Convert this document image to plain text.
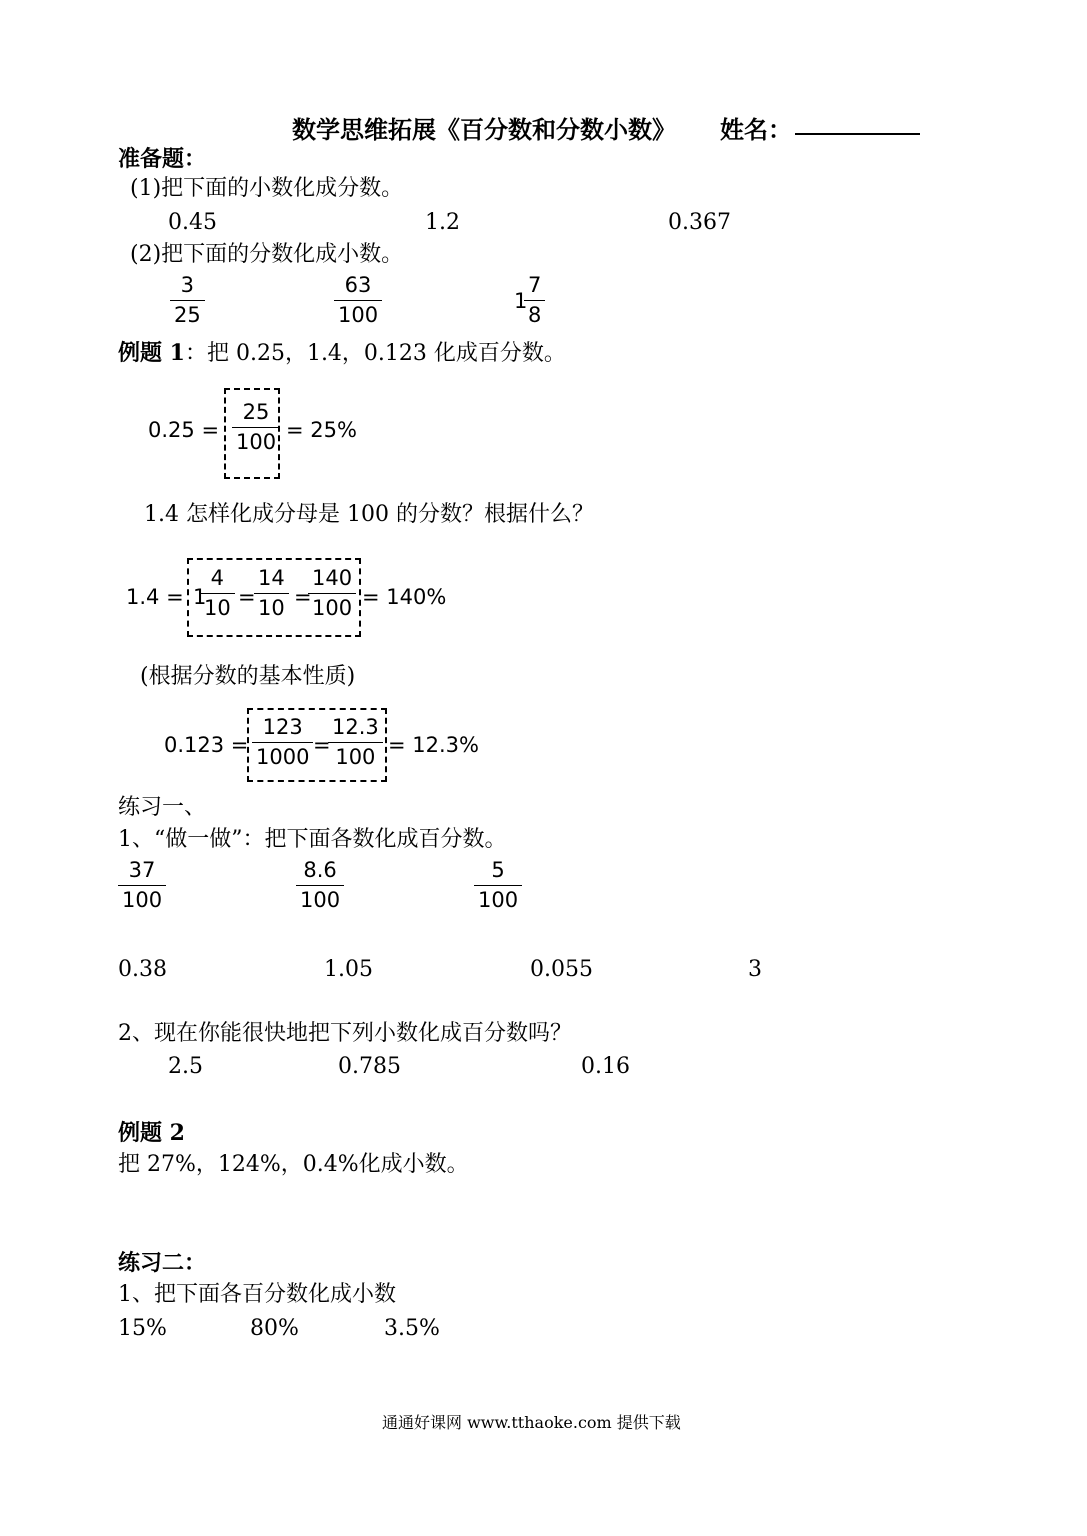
数学思维拓展《百分数和分数小数》 姓名：
准备题：
(1)把下面的小数化成分数。
0.45	1.2	0.367
(2)把下面的分数化成小数。
3
25
63
100
1
7
8
例题 1：把 0.25，1.4，0.123 化成百分数。
0.25 =
25
100 = 25%
1.4 怎样化成分母是 100 的分数？根据什么？
1.4 = 1
4
10 =
14
10 =
140
100 = 140%
(根据分数的基本性质)
0.123 =
123
1000 =
12.3
100 = 12.3%
练习一、
1、“做一做”：把下面各数化成百分数。
37
100
8.6
100
5
100
0.38	1.05	0.055	3
2、现在你能很快地把下列小数化成百分数吗？
2.5	0.785	0.16
例题 2
把 27%，124%，0.4%化成小数。
练习二：
1、把下面各百分数化成小数
15%	80%	3.5%
通通好课网 www.tthaoke.com 提供下载
